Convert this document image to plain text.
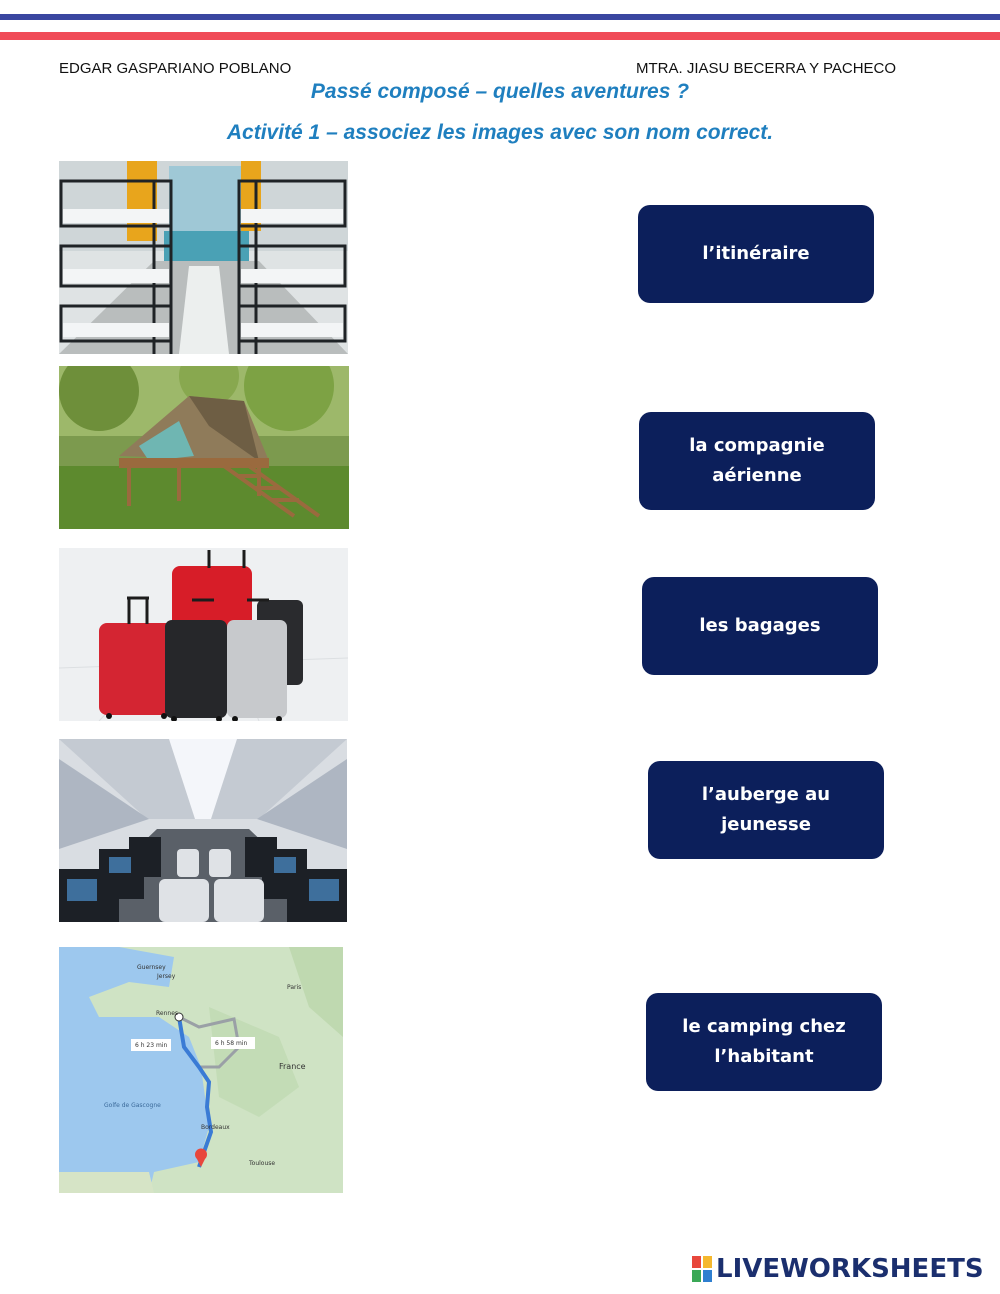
EDGAR GASPARIANO POBLANO	MTRA. JIASU BECERRA Y PACHECO
Passé composé – quelles aventures ?
Activité 1 – associez les images avec son nom correct.
6 h 23 min	6 h 58 min
Guernsey
Jersey
Paris
Rennes
France
Golfe de Gascogne
Bordeaux
Toulouse
l’itinéraire
la compagnie
aérienne
les bagages
l’auberge au
jeunesse
le camping chez
l’habitant
LIVEWORKSHEETS
